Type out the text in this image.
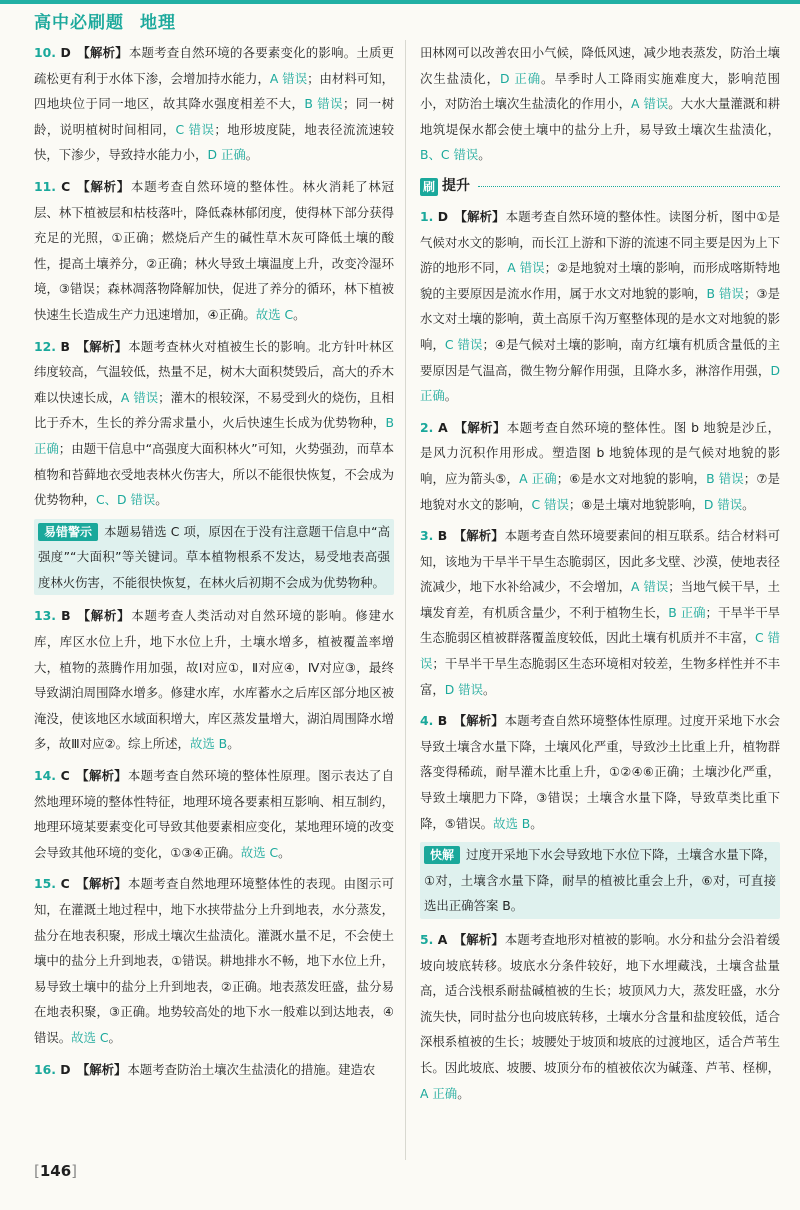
高中必刷题 地理
10. D 【解析】本题考查自然环境的各要素变化的影响。土质更疏松更有利于水体下渗，会增加持水能力，A 错误；由材料可知，四地块位于同一地区，故其降水强度相差不大，B 错误；同一树龄，说明植树时间相同，C 错误；地形坡度陡，地表径流流速较快，下渗少，导致持水能力小，D 正确。
11. C 【解析】本题考查自然环境的整体性。林火消耗了林冠层、林下植被层和枯枝落叶，降低森林郁闭度，使得林下部分获得充足的光照，①正确；燃烧后产生的碱性草木灰可降低土壤的酸性，提高土壤养分，②正确；林火导致土壤温度上升，改变冷湿环境，③错误；森林凋落物降解加快，促进了养分的循环，林下植被快速生长造成生产力迅速增加，④正确。故选 C。
12. B 【解析】本题考查林火对植被生长的影响。北方针叶林区纬度较高，气温较低，热量不足，树木大面积焚毁后，高大的乔木难以快速长成，A 错误；灌木的根较深，不易受到火的烧伤，且相比于乔木，生长的养分需求量小，火后快速生长成为优势物种，B 正确；由题干信息中“高强度大面积林火”可知，火势强劲，而草本植物和苔藓地衣受地表林火伤害大，所以不能很快恢复，不会成为优势物种，C、D 错误。
易错警示 本题易错选 C 项，原因在于没有注意题干信息中“高强度”“大面积”等关键词。草本植物根系不发达，易受地表高强度林火伤害，不能很快恢复，在林火后初期不会成为优势物种。
13. B 【解析】本题考查人类活动对自然环境的影响。修建水库，库区水位上升，地下水位上升，土壤水增多，植被覆盖率增大，植物的蒸腾作用加强，故Ⅰ对应①，Ⅱ对应④，Ⅳ对应③，最终导致湖泊周围降水增多。修建水库，水库蓄水之后库区部分地区被淹没，使该地区水域面积增大，库区蒸发量增大，湖泊周围降水增多，故Ⅲ对应②。综上所述，故选 B。
14. C 【解析】本题考查自然环境的整体性原理。图示表达了自然地理环境的整体性特征，地理环境各要素相互影响、相互制约，地理环境某要素变化可导致其他要素相应变化，某地理环境的改变会导致其他环境的变化，①③④正确。故选 C。
15. C 【解析】本题考查自然地理环境整体性的表现。由图示可知，在灌溉土地过程中，地下水挟带盐分上升到地表，水分蒸发，盐分在地表积聚，形成土壤次生盐渍化。灌溉水量不足，不会使土壤中的盐分上升到地表，①错误。耕地排水不畅，地下水位上升，易导致土壤中的盐分上升到地表，②正确。地表蒸发旺盛，盐分易在地表积聚，③正确。地势较高处的地下水一般难以到达地表，④错误。故选 C。
16. D 【解析】本题考查防治土壤次生盐渍化的措施。建造农
田林网可以改善农田小气候，降低风速，减少地表蒸发，防治土壤次生盐渍化，D 正确。旱季时人工降雨实施难度大，影响范围小，对防治土壤次生盐渍化的作用小，A 错误。大水大量灌溉和耕地筑堤保水都会使土壤中的盐分上升，易导致土壤次生盐渍化，B、C 错误。
刷 提升
1. D 【解析】本题考查自然环境的整体性。读图分析，图中①是气候对水文的影响，而长江上游和下游的流速不同主要是因为上下游的地形不同，A 错误；②是地貌对土壤的影响，而形成喀斯特地貌的主要原因是流水作用，属于水文对地貌的影响，B 错误；③是水文对土壤的影响，黄土高原千沟万壑整体现的是水文对地貌的影响，C 错误；④是气候对土壤的影响，南方红壤有机质含量低的主要原因是气温高，微生物分解作用强，且降水多，淋溶作用强，D 正确。
2. A 【解析】本题考查自然环境的整体性。图 b 地貌是沙丘，是风力沉积作用形成。塑造图 b 地貌体现的是气候对地貌的影响，应为箭头⑤，A 正确；⑥是水文对地貌的影响，B 错误；⑦是地貌对水文的影响，C 错误；⑧是土壤对地貌影响，D 错误。
3. B 【解析】本题考查自然环境要素间的相互联系。结合材料可知，该地为干旱半干旱生态脆弱区，因此多戈壁、沙漠，使地表径流减少，地下水补给减少，不会增加，A 错误；当地气候干旱，土壤发育差，有机质含量少，不利于植物生长，B 正确；干旱半干旱生态脆弱区植被群落覆盖度较低，因此土壤有机质并不丰富，C 错误；干旱半干旱生态脆弱区生态环境相对较差，生物多样性并不丰富，D 错误。
4. B 【解析】本题考查自然环境整体性原理。过度开采地下水会导致土壤含水量下降，土壤风化严重，导致沙土比重上升，植物群落变得稀疏，耐旱灌木比重上升，①②④⑥正确；土壤沙化严重，导致土壤肥力下降，③错误；土壤含水量下降，导致草类比重下降，⑤错误。故选 B。
快解 过度开采地下水会导致地下水位下降，土壤含水量下降，①对，土壤含水量下降，耐旱的植被比重会上升，⑥对，可直接选出正确答案 B。
5. A 【解析】本题考查地形对植被的影响。水分和盐分会沿着缓坡向坡底转移。坡底水分条件较好，地下水埋藏浅，土壤含盐量高，适合浅根系耐盐碱植被的生长；坡顶风力大，蒸发旺盛，水分流失快，同时盐分也向坡底转移，土壤水分含量和盐度较低，适合深根系植被的生长；坡腰处于坡顶和坡底的过渡地区，适合芦苇生长。因此坡底、坡腰、坡顶分布的植被依次为碱蓬、芦苇、柽柳，A 正确。
[146]
